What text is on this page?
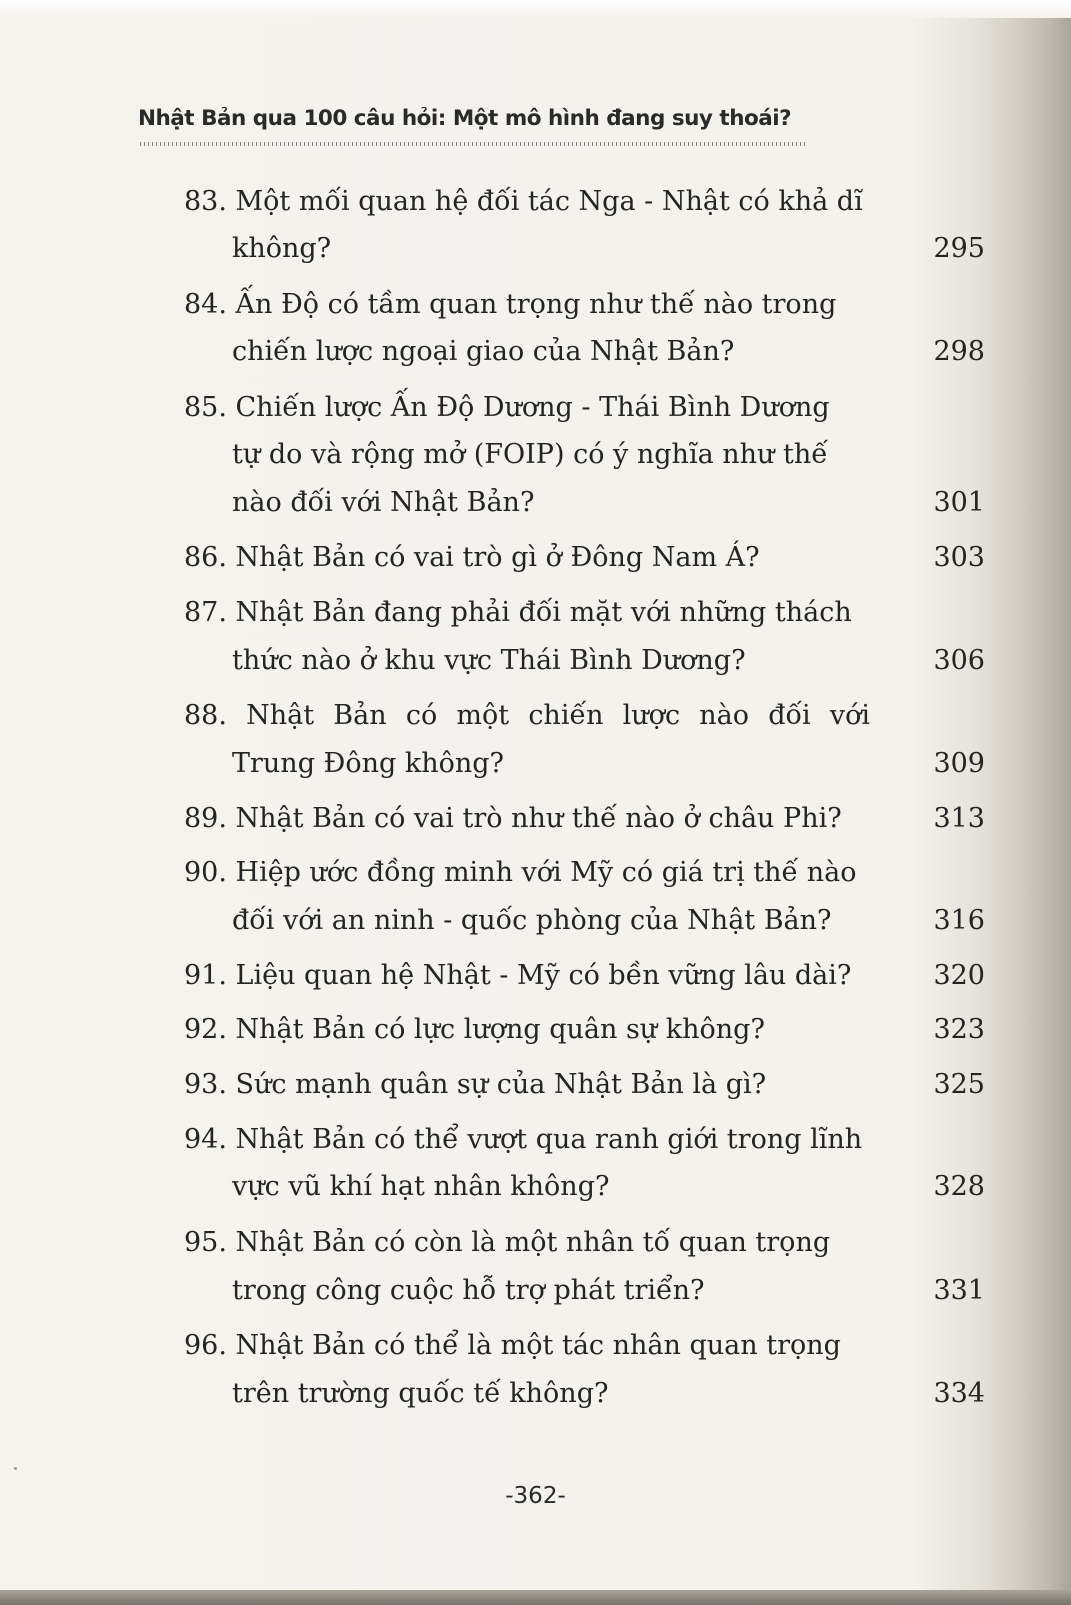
Nhật Bản qua 100 câu hỏi: Một mô hình đang suy thoái?
83. Một mối quan hệ đối tác Nga - Nhật có khả dĩ
không?	295
84. Ấn Độ có tầm quan trọng như thế nào trong
chiến lược ngoại giao của Nhật Bản?	298
85. Chiến lược Ấn Độ Dương - Thái Bình Dương
tự do và rộng mở (FOIP) có ý nghĩa như thế
nào đối với Nhật Bản?	301
86. Nhật Bản có vai trò gì ở Đông Nam Á?	303
87. Nhật Bản đang phải đối mặt với những thách
thức nào ở khu vực Thái Bình Dương?	306
88. Nhật Bản có một chiến lược nào đối với
Trung Đông không?	309
89. Nhật Bản có vai trò như thế nào ở châu Phi?	313
90. Hiệp ước đồng minh với Mỹ có giá trị thế nào
đối với an ninh - quốc phòng của Nhật Bản?	316
91. Liệu quan hệ Nhật - Mỹ có bền vững lâu dài?	320
92. Nhật Bản có lực lượng quân sự không?	323
93. Sức mạnh quân sự của Nhật Bản là gì?	325
94. Nhật Bản có thể vượt qua ranh giới trong lĩnh
vực vũ khí hạt nhân không?	328
95. Nhật Bản có còn là một nhân tố quan trọng
trong công cuộc hỗ trợ phát triển?	331
96. Nhật Bản có thể là một tác nhân quan trọng
trên trường quốc tế không?	334
-362-
